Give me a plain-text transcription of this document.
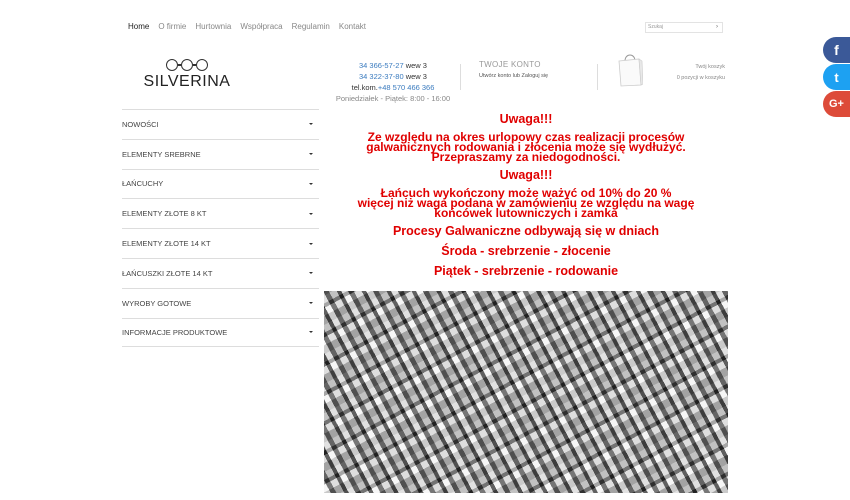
Home O firmie Hurtownia Współpraca Regulamin Kontakt	Szukaj	›
SILVERINA
34 366-57-27 wew 3
34 322-37-80 wew 3
tel.kom.+48 570 466 366
Poniedziałek - Piątek: 8:00 - 16:00
TWOJE KONTO
Utwórz konto lub Zaloguj się
Twój koszyk
0 pozycji w koszyku
NOWOŚCI
ELEMENTY SREBRNE
ŁAŃCUCHY
ELEMENTY ZŁOTE 8 KT
ELEMENTY ZŁOTE 14 KT
ŁAŃCUSZKI ZŁOTE 14 KT
WYROBY GOTOWE
INFORMACJE PRODUKTOWE

Uwaga!!!

Ze względu na okres urlopowy czas realizacji procesów

galwanicznych rodowania i złocenia może się wydłużyć.

Przepraszamy za niedogodności.

Uwaga!!!

Łańcuch wykończony może ważyć od 10% do 20 %

więcej niż waga podana w zamówieniu ze względu na wagę

końcówek lutowniczych i zamka

Procesy Galwaniczne odbywają się w dniach

Środa - srebrzenie - złocenie

Piątek - srebrzenie - rodowanie

f
t
G+
